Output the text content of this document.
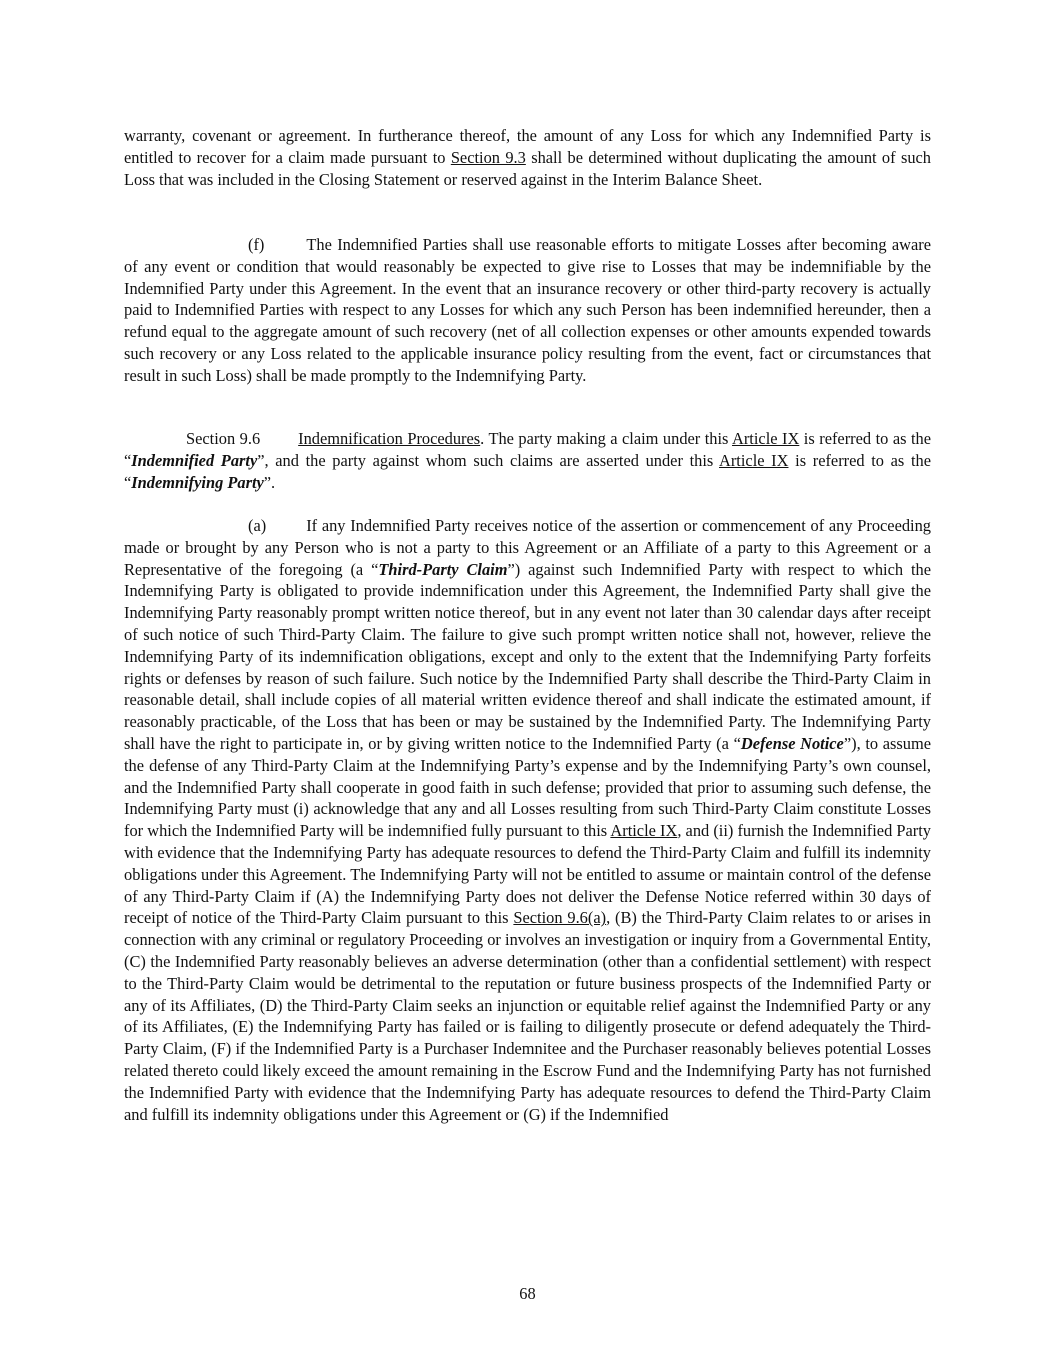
warranty, covenant or agreement. In furtherance thereof, the amount of any Loss for which any Indemnified Party is entitled to recover for a claim made pursuant to Section 9.3 shall be determined without duplicating the amount of such Loss that was included in the Closing Statement or reserved against in the Interim Balance Sheet.

(f)	The Indemnified Parties shall use reasonable efforts to mitigate Losses after becoming aware of any event or condition that would reasonably be expected to give rise to Losses that may be indemnifiable by the Indemnified Party under this Agreement. In the event that an insurance recovery or other third-party recovery is actually paid to Indemnified Parties with respect to any Losses for which any such Person has been indemnified hereunder, then a refund equal to the aggregate amount of such recovery (net of all collection expenses or other amounts expended towards such recovery or any Loss related to the applicable insurance policy resulting from the event, fact or circumstances that result in such Loss) shall be made promptly to the Indemnifying Party.

Section 9.6 Indemnification Procedures. The party making a claim under this Article IX is referred to as the “Indemnified Party”, and the party against whom such claims are asserted under this Article IX is referred to as the “Indemnifying Party”.

(a) If any Indemnified Party receives notice of the assertion or commencement of any Proceeding made or brought by any Person who is not a party to this Agreement or an Affiliate of a party to this Agreement or a Representative of the foregoing (a “Third-Party Claim”) against such Indemnified Party with respect to which the Indemnifying Party is obligated to provide indemnification under this Agreement, the Indemnified Party shall give the Indemnifying Party reasonably prompt written notice thereof, but in any event not later than 30 calendar days after receipt of such notice of such Third-Party Claim. The failure to give such prompt written notice shall not, however, relieve the Indemnifying Party of its indemnification obligations, except and only to the extent that the Indemnifying Party forfeits rights or defenses by reason of such failure. Such notice by the Indemnified Party shall describe the Third-Party Claim in reasonable detail, shall include copies of all material written evidence thereof and shall indicate the estimated amount, if reasonably practicable, of the Loss that has been or may be sustained by the Indemnified Party. The Indemnifying Party shall have the right to participate in, or by giving written notice to the Indemnified Party (a “Defense Notice”), to assume the defense of any Third-Party Claim at the Indemnifying Party’s expense and by the Indemnifying Party’s own counsel, and the Indemnified Party shall cooperate in good faith in such defense; provided that prior to assuming such defense, the Indemnifying Party must (i) acknowledge that any and all Losses resulting from such Third-Party Claim constitute Losses for which the Indemnified Party will be indemnified fully pursuant to this Article IX, and (ii) furnish the Indemnified Party with evidence that the Indemnifying Party has adequate resources to defend the Third-Party Claim and fulfill its indemnity obligations under this Agreement. The Indemnifying Party will not be entitled to assume or maintain control of the defense of any Third-Party Claim if (A) the Indemnifying Party does not deliver the Defense Notice referred within 30 days of receipt of notice of the Third-Party Claim pursuant to this Section 9.6(a), (B) the Third-Party Claim relates to or arises in connection with any criminal or regulatory Proceeding or involves an investigation or inquiry from a Governmental Entity, (C) the Indemnified Party reasonably believes an adverse determination (other than a confidential settlement) with respect to the Third-Party Claim would be detrimental to the reputation or future business prospects of the Indemnified Party or any of its Affiliates, (D) the Third-Party Claim seeks an injunction or equitable relief against the Indemnified Party or any of its Affiliates, (E) the Indemnifying Party has failed or is failing to diligently prosecute or defend adequately the Third-Party Claim, (F) if the Indemnified Party is a Purchaser Indemnitee and the Purchaser reasonably believes potential Losses related thereto could likely exceed the amount remaining in the Escrow Fund and the Indemnifying Party has not furnished the Indemnified Party with evidence that the Indemnifying Party has adequate resources to defend the Third-Party Claim and fulfill its indemnity obligations under this Agreement or (G) if the Indemnified

68
